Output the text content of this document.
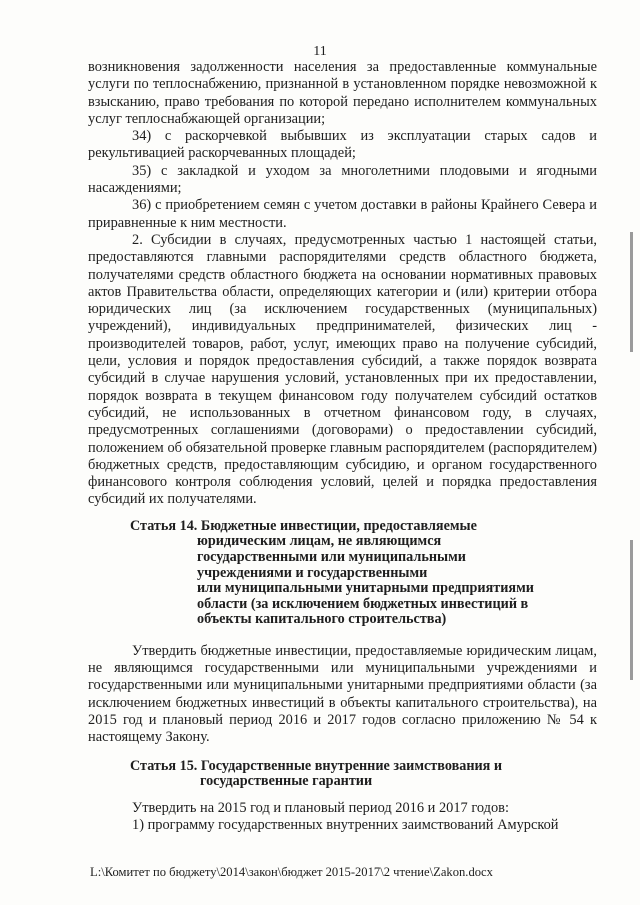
11

возникновения задолженности населения за предоставленные коммунальные услуги по теплоснабжению, признанной в установленном порядке невозможной к взысканию, право требования по которой передано исполнителем коммунальных услуг теплоснабжающей организации;

34) с раскорчевкой выбывших из эксплуатации старых садов и рекультивацией раскорчеванных площадей;

35) с закладкой и уходом за многолетними плодовыми и ягодными насаждениями;

36) с приобретением семян с учетом доставки в районы Крайнего Севера и приравненные к ним местности.

2. Субсидии в случаях, предусмотренных частью 1 настоящей статьи, предоставляются главными распорядителями средств областного бюджета, получателями средств областного бюджета на основании нормативных правовых актов Правительства области, определяющих категории и (или) критерии отбора юридических лиц (за исключением государственных (муниципальных) учреждений), индивидуальных предпринимателей, физических лиц - производителей товаров, работ, услуг, имеющих право на получение субсидий, цели, условия и порядок предоставления субсидий, а также порядок возврата субсидий в случае нарушения условий, установленных при их предоставлении, порядок возврата в текущем финансовом году получателем субсидий остатков субсидий, не использованных в отчетном финансовом году, в случаях, предусмотренных соглашениями (договорами) о предоставлении субсидий, положением об обязательной проверке главным распорядителем (распорядителем) бюджетных средств, предоставляющим субсидию, и органом государственного финансового контроля соблюдения условий, целей и порядка предоставления субсидий их получателями.

Статья 14. Бюджетные инвестиции, предоставляемые
юридическим лицам, не являющимся
государственными или муниципальными
учреждениями и государственными
или муниципальными унитарными предприятиями
области (за исключением бюджетных инвестиций в
объекты капитального строительства)

Утвердить бюджетные инвестиции, предоставляемые юридическим лицам, не являющимся государственными или муниципальными учреждениями и государственными или муниципальными унитарными предприятиями области (за исключением бюджетных инвестиций в объекты капитального строительства), на 2015 год и плановый период 2016 и 2017 годов согласно приложению № 54 к настоящему Закону.

Статья 15. Государственные внутренние заимствования и
государственные гарантии

Утвердить на 2015 год и плановый период 2016 и 2017 годов:

1) программу государственных внутренних заимствований Амурской

L:\Комитет по бюджету\2014\закон\бюджет 2015-2017\2 чтение\Zakon.docx
